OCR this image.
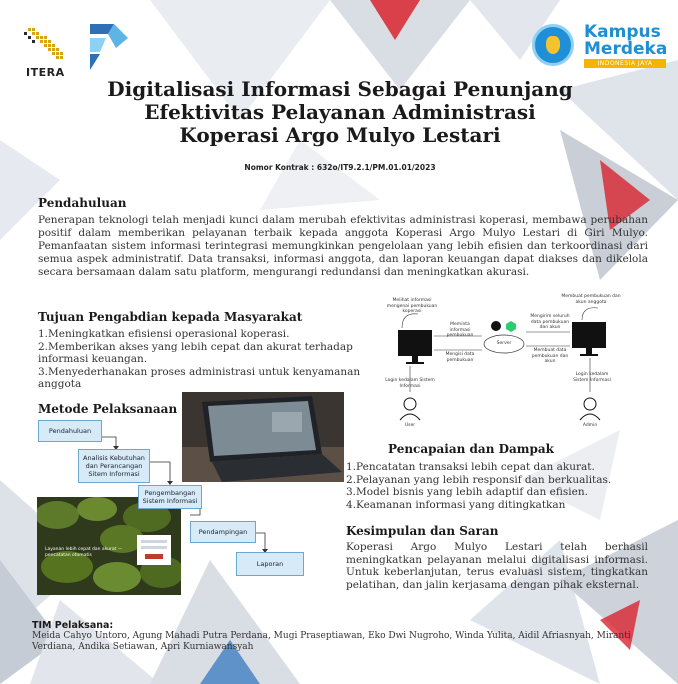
ITERA
Kampus
Merdeka
INDONESIA JAYA
Digitalisasi Informasi Sebagai Penunjang
Efektivitas Pelayanan Administrasi
Koperasi Argo Mulyo Lestari
Nomor Kontrak : 632o/IT9.2.1/PM.01.01/2023
Pendahuluan
Penerapan teknologi telah menjadi kunci dalam merubah efektivitas administrasi koperasi, membawa perubahan positif dalam memberikan pelayanan terbaik kepada anggota Koperasi Argo Mulyo Lestari di Giri Mulyo. Pemanfaatan sistem informasi terintegrasi memungkinkan pengelolaan yang lebih efisien dan terkoordinasi dari semua aspek administratif. Data transaksi, informasi anggota, dan laporan keuangan dapat diakses dan dikelola secara bersamaan dalam satu platform, mengurangi redundansi dan meningkatkan akurasi.
Tujuan Pengabdian kepada Masyarakat
1.Meningkatkan efisiensi operasional koperasi.
2.Memberikan akses yang lebih cepat dan akurat terhadap informasi keuangan.
3.Menyederhanakan proses administrasi untuk kenyamanan anggota
Metode Pelaksanaan
Pendahuluan
Analisis Kebutuhan dan Perancangan Sitem Informasi
Pengembangan Sistem Informasi
Pendampingan
Laporan
Layanan lebih cepat dan akurat — pencatatan otomatis
Melihat informasi mengenai pembukuan koperasi
Meminta informasi pembukuan
Mengisi data pembukuan
Server
Membuat pembukuan dan akun anggota
Mengirim seluruh data pembukuan dan akun
Membuat data pembukuan dan akun
Login kedalam Sistem Informasi
Login kedalam Sistem Informasi
User	Admin
Pencapaian dan Dampak
1.Pencatatan transaksi lebih cepat dan akurat.
2.Pelayanan yang lebih responsif dan berkualitas.
3.Model bisnis yang lebih adaptif dan efisien.
4.Keamanan informasi yang ditingkatkan
Kesimpulan dan Saran
Koperasi Argo Mulyo Lestari telah berhasil meningkatkan pelayanan melalui digitalisasi informasi. Untuk keberlanjutan, terus evaluasi sistem, tingkatkan pelatihan, dan jalin kerjasama dengan pihak eksternal.
TIM Pelaksana:
Meida Cahyo Untoro, Agung Mahadi Putra Perdana, Mugi Praseptiawan, Eko Dwi Nugroho, Winda Yulita, Aidil Afriasnyah, Miranti Verdiana, Andika Setiawan, Apri Kurniawansyah
